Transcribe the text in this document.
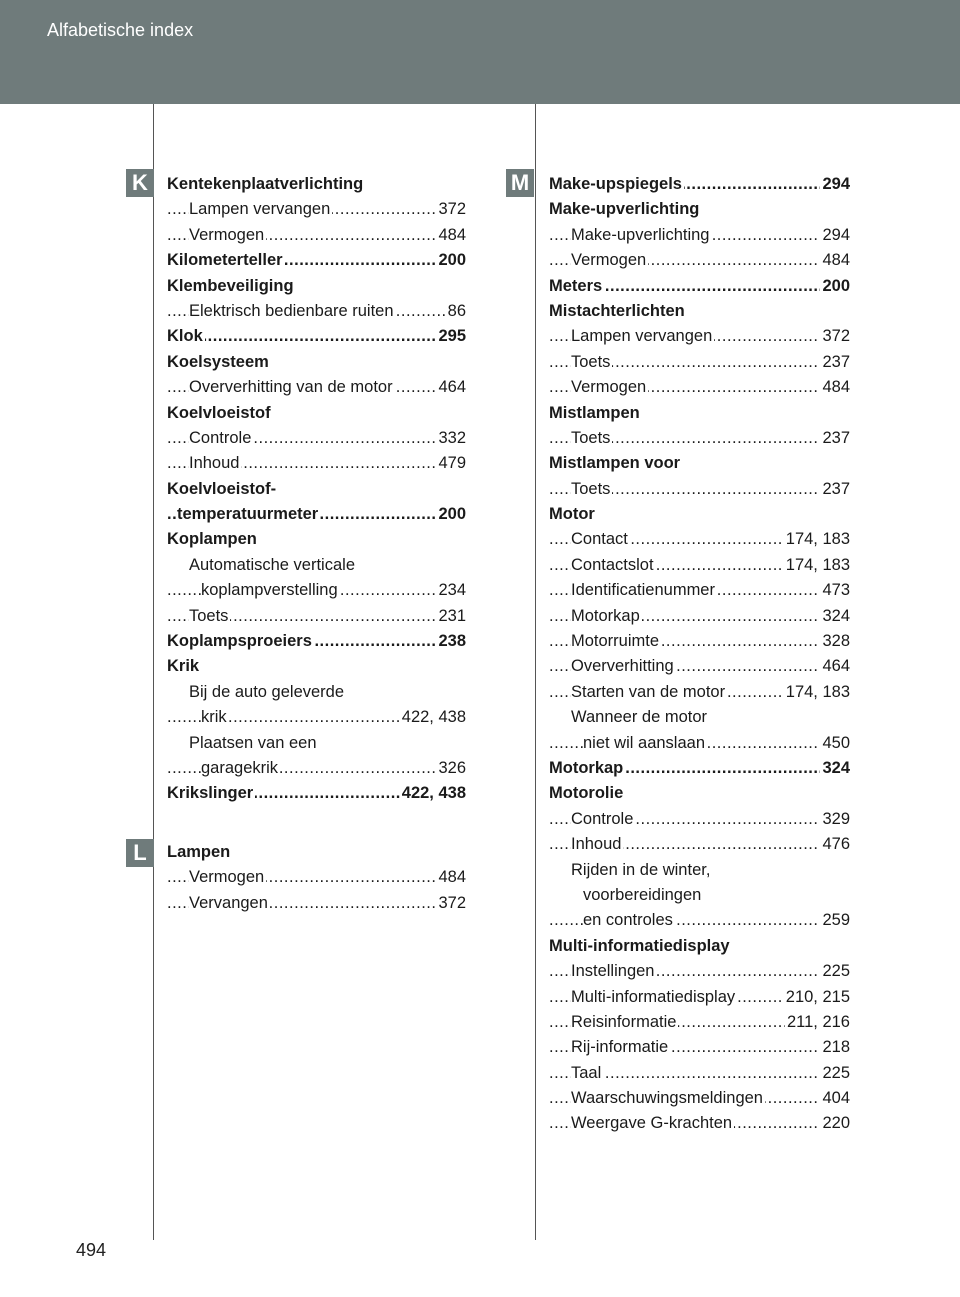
Alfabetische index
K
L
M
Kentekenplaatverlichting
Lampen vervangen	372
.....
Vermogen	484
.....
Kilometerteller	200
.....
Klembeveiliging
Elektrisch bedienbare ruiten	86
.....
Klok	295
.....
Koelsysteem
Oververhitting van de motor	464
.....
Koelvloeistof
Controle	332
.....
Inhoud	479
.....
Koelvloeistof-
temperatuurmeter	200
.....
Koplampen
Automatische verticale
koplampverstelling	234
.....
Toets	231
.....
Koplampsproeiers	238
.....
Krik
Bij de auto geleverde
krik	422, 438
.....
Plaatsen van een
garagekrik	326
.....
Krikslinger	422, 438
.....
Lampen
Vermogen	484
.....
Vervangen	372
.....
Make-upspiegels	294
.....
Make-upverlichting
Make-upverlichting	294
.....
Vermogen	484
.....
Meters	200
.....
Mistachterlichten
Lampen vervangen	372
.....
Toets	237
.....
Vermogen	484
.....
Mistlampen
Toets	237
.....
Mistlampen voor
Toets	237
.....
Motor
Contact	174, 183
.....
Contactslot	174, 183
.....
Identificatienummer	473
.....
Motorkap	324
.....
Motorruimte	328
.....
Oververhitting	464
.....
Starten van de motor	174, 183
.....
Wanneer de motor
niet wil aanslaan	450
.....
Motorkap	324
.....
Motorolie
Controle	329
.....
Inhoud	476
.....
Rijden in de winter,
voorbereidingen
en controles	259
.....
Multi-informatiedisplay
Instellingen	225
.....
Multi-informatiedisplay	210, 215
.....
Reisinformatie	211, 216
.....
Rij-informatie	218
.....
Taal	225
.....
Waarschuwingsmeldingen	404
.....
Weergave G-krachten	220
.....
494
